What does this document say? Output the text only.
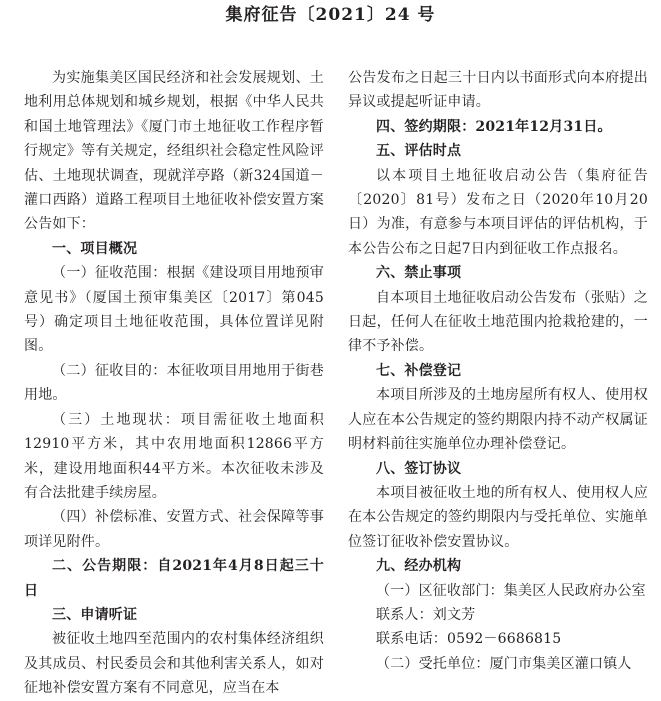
集府征告〔2021〕24 号

为实施集美区国民经济和社会发展规划、土地利用总体规划和城乡规划，根据《中华人民共和国土地管理法》《厦门市土地征收工作程序暂行规定》等有关规定，经组织社会稳定性风险评估、土地现状调查，现就洋亭路（新324国道－灌口西路）道路工程项目土地征收补偿安置方案公告如下：

一、项目概况

（一）征收范围：根据《建设项目用地预审意见书》（厦国土预审集美区〔2017〕第045号）确定项目土地征收范围，具体位置详见附图。

（二）征收目的：本征收项目用地用于街巷用地。

（三）土地现状：项目需征收土地面积12910平方米，其中农用地面积12866平方米，建设用地面积44平方米。本次征收未涉及有合法批建手续房屋。

（四）补偿标准、安置方式、社会保障等事项详见附件。

二、公告期限：自2021年4月8日起三十日

三、申请听证

被征收土地四至范围内的农村集体经济组织及其成员、村民委员会和其他利害关系人，如对征地补偿安置方案有不同意见，应当在本

公告发布之日起三十日内以书面形式向本府提出异议或提起听证申请。

四、签约期限：2021年12月31日。

五、评估时点

以本项目土地征收启动公告（集府征告〔2020〕81号）发布之日（2020年10月20日）为准，有意参与本项目评估的评估机构，于本公告公布之日起7日内到征收工作点报名。

六、禁止事项

自本项目土地征收启动公告发布（张贴）之日起，任何人在征收土地范围内抢栽抢建的，一律不予补偿。

七、补偿登记

本项目所涉及的土地房屋所有权人、使用权人应在本公告规定的签约期限内持不动产权属证明材料前往实施单位办理补偿登记。

八、签订协议

本项目被征收土地的所有权人、使用权人应在本公告规定的签约期限内与受托单位、实施单位签订征收补偿安置协议。

九、经办机构

（一）区征收部门：集美区人民政府办公室

联系人：刘文芳

联系电话：0592－6686815

（二）受托单位：厦门市集美区灌口镇人
